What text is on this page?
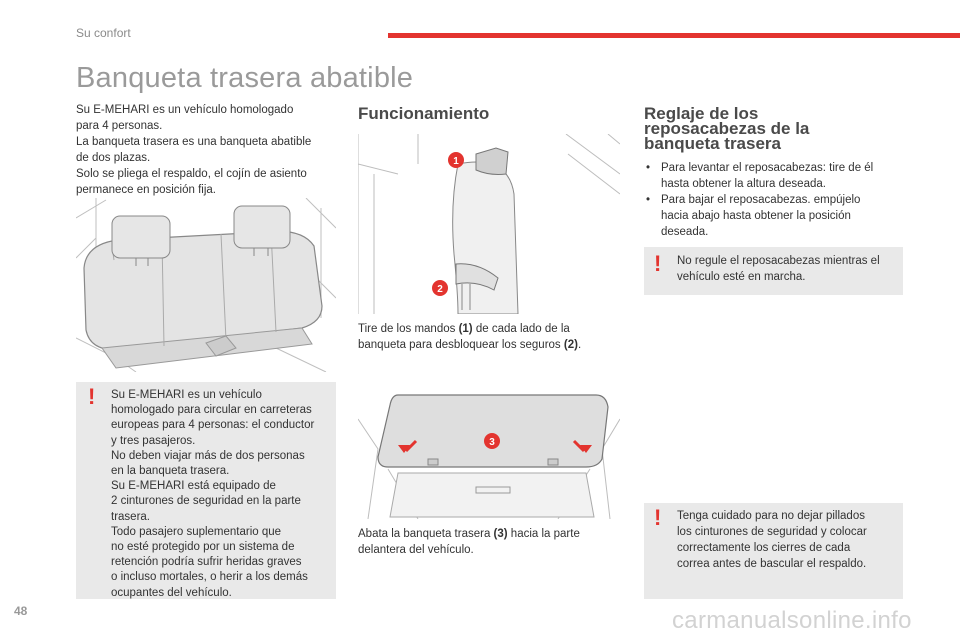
Su confort
Banqueta trasera abatible

Su E-MEHARI es un vehículo homologado

para 4 personas.

La banqueta trasera es una banqueta abatible

de dos plazas.

Solo se pliega el respaldo, el cojín de asiento

permanece en posición fija.

! Su E-MEHARI es un vehículo
homologado para circular en carreteras
europeas para 4 personas: el conductor
y tres pasajeros.
No deben viajar más de dos personas
en la banqueta trasera.
Su E-MEHARI está equipado de
2 cinturones de seguridad en la parte
trasera.
Todo pasajero suplementario que
no esté protegido por un sistema de
retención podría sufrir heridas graves
o incluso mortales, o herir a los demás
ocupantes del vehículo.
Funcionamiento
1
2
Tire de los mandos (1) de cada lado de la
banqueta para desbloquear los seguros (2).
3
Abata la banqueta trasera (3) hacia la parte
delantera del vehículo.
Reglaje de los
reposacabezas de la
banqueta trasera
• Para levantar el reposacabezas: tire de él
hasta obtener la altura deseada.
• Para bajar el reposacabezas. empújelo
hacia abajo hasta obtener la posición
deseada.
! No regule el reposacabezas mientras el
vehículo esté en marcha.
! Tenga cuidado para no dejar pillados
los cinturones de seguridad y colocar
correctamente los cierres de cada
correa antes de bascular el respaldo.
48	carmanualsonline.info
